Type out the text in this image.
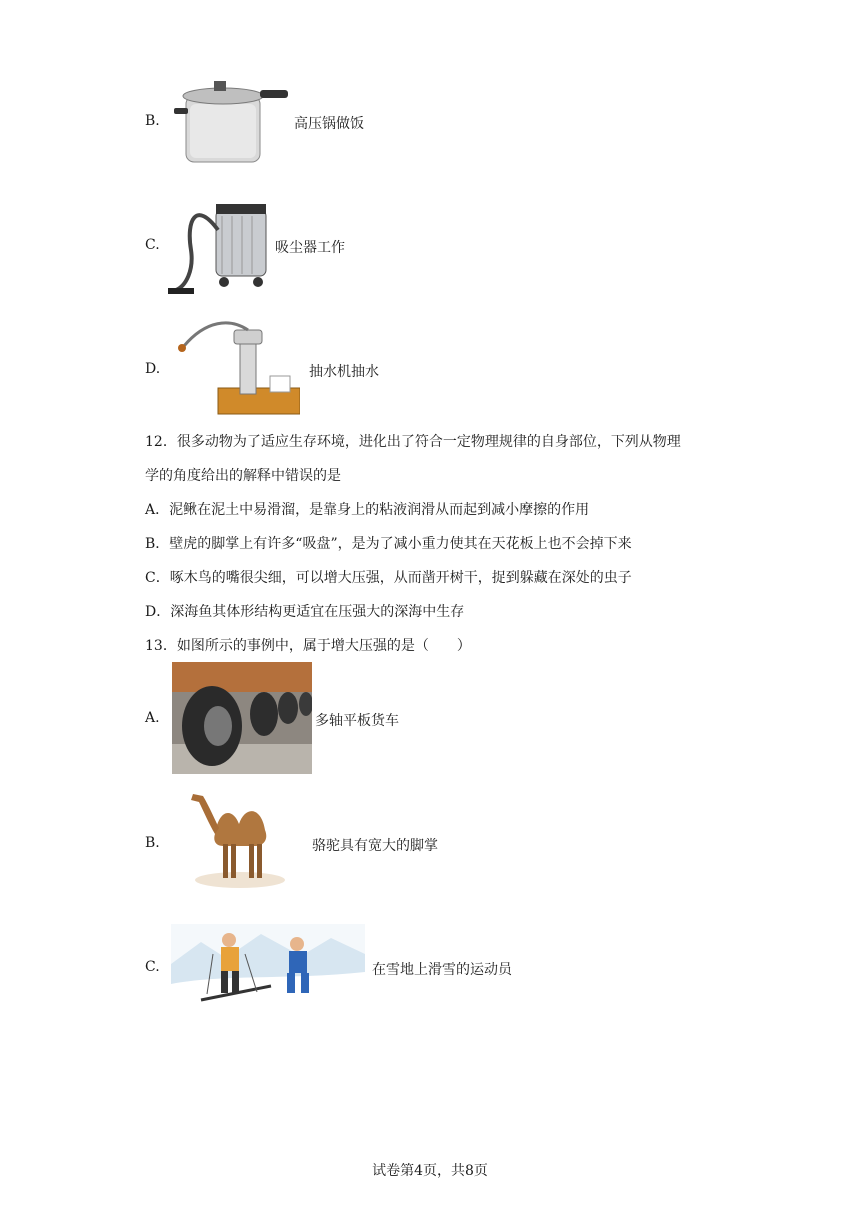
B.	高压锅做饭
C.	吸尘器工作
D.	抽水机抽水
12．很多动物为了适应生存环境，进化出了符合一定物理规律的自身部位，下列从物理
学的角度给出的解释中错误的是
A．泥鳅在泥土中易滑溜，是靠身上的粘液润滑从而起到减小摩擦的作用
B．壁虎的脚掌上有许多“吸盘”，是为了减小重力使其在天花板上也不会掉下来
C．啄木鸟的嘴很尖细，可以增大压强，从而凿开树干，捉到躲藏在深处的虫子
D．深海鱼其体形结构更适宜在压强大的深海中生存
13．如图所示的事例中，属于增大压强的是（　　）
A.	多轴平板货车
B.	骆驼具有宽大的脚掌
C.	在雪地上滑雪的运动员
试卷第4页，共8页
